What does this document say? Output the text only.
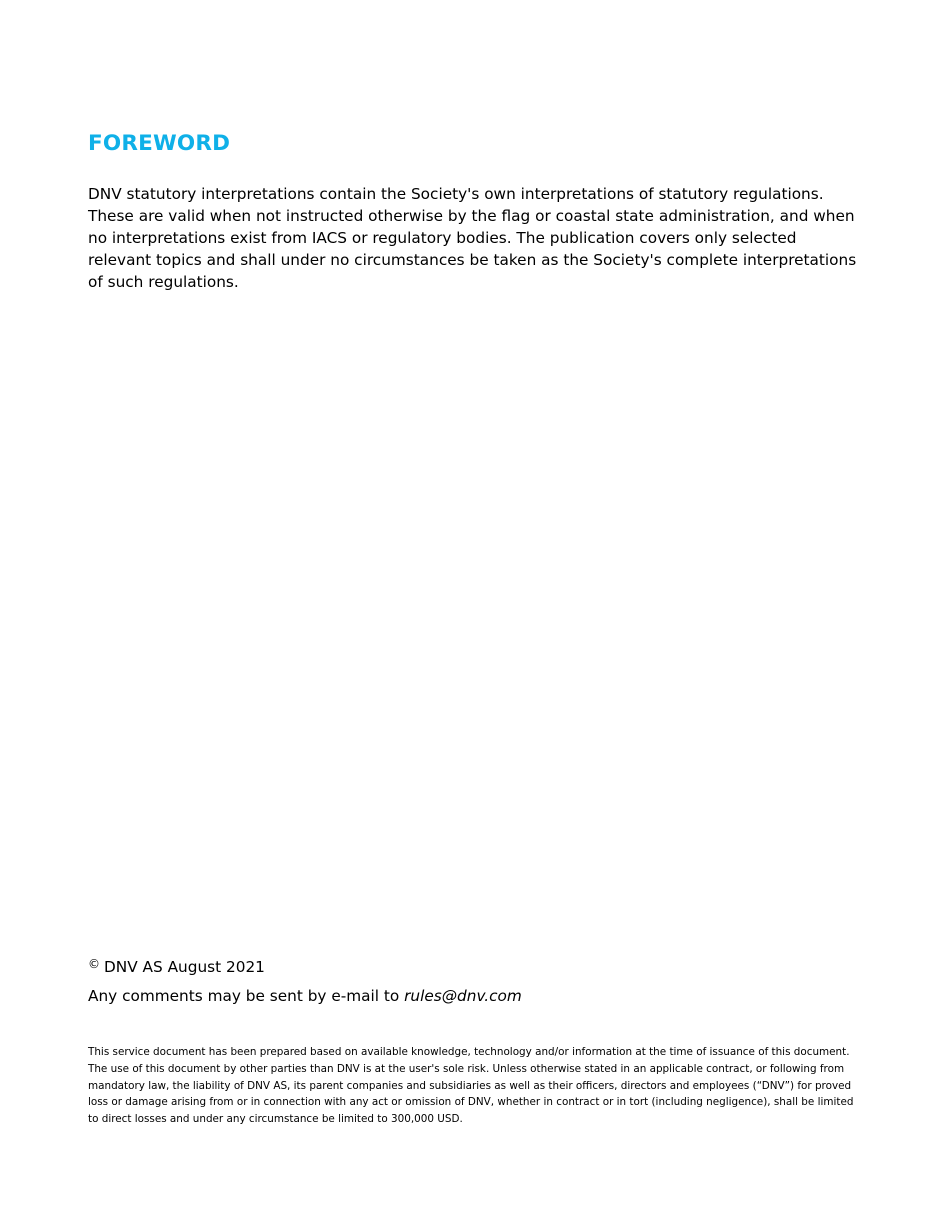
FOREWORD

DNV statutory interpretations contain the Society's own interpretations of statutory regulations. These are valid when not instructed otherwise by the flag or coastal state administration, and when no interpretations exist from IACS or regulatory bodies. The publication covers only selected relevant topics and shall under no circumstances be taken as the Society's complete interpretations of such regulations.

© DNV AS August 2021

Any comments may be sent by e-mail to rules@dnv.com

This service document has been prepared based on available knowledge, technology and/or information at the time of issuance of this document. The use of this document by other parties than DNV is at the user's sole risk. Unless otherwise stated in an applicable contract, or following from mandatory law, the liability of DNV AS, its parent companies and subsidiaries as well as their officers, directors and employees (“DNV”) for proved loss or damage arising from or in connection with any act or omission of DNV, whether in contract or in tort (including negligence), shall be limited to direct losses and under any circumstance be limited to 300,000 USD.
